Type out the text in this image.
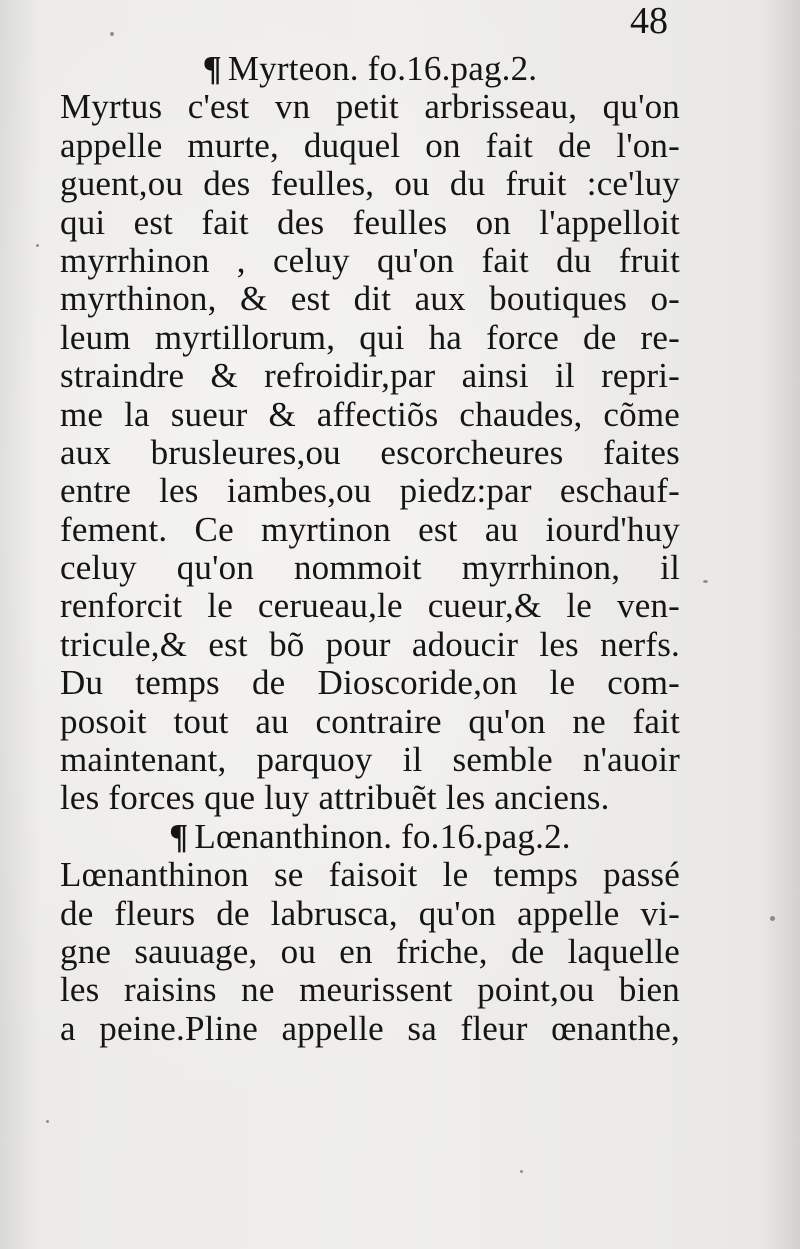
48
¶ Myrteon. fo.16.pag.2.
Myrtus c'est vn petit arbrisseau, qu'on
appelle murte, duquel on fait de l'on-
guent,ou des feulles, ou du fruit :ce'luy
qui est fait des feulles on l'appelloit
myrrhinon , celuy qu'on fait du fruit
myrthinon, & est dit aux boutiques o-
leum myrtillorum, qui ha force de re-
straindre & refroidir,par ainsi il repri-
me la sueur & affectiõs chaudes, cõme
aux brusleures,ou escorcheures faites
entre les iambes,ou piedz:par eschauf-
fement. Ce myrtinon est au iourd'huy
celuy qu'on nommoit myrrhinon, il
renforcit le cerueau,le cueur,& le ven-
tricule,& est bõ pour adoucir les nerfs.
Du temps de Dioscoride,on le com-
posoit tout au contraire qu'on ne fait
maintenant, parquoy il semble n'auoir
les forces que luy attribuẽt les anciens.
¶ Lœnanthinon. fo.16.pag.2.
Lœnanthinon se faisoit le temps passé
de fleurs de labrusca, qu'on appelle vi-
gne sauuage, ou en friche, de laquelle
les raisins ne meurissent point,ou bien
a peine.Pline appelle sa fleur œnanthe,
